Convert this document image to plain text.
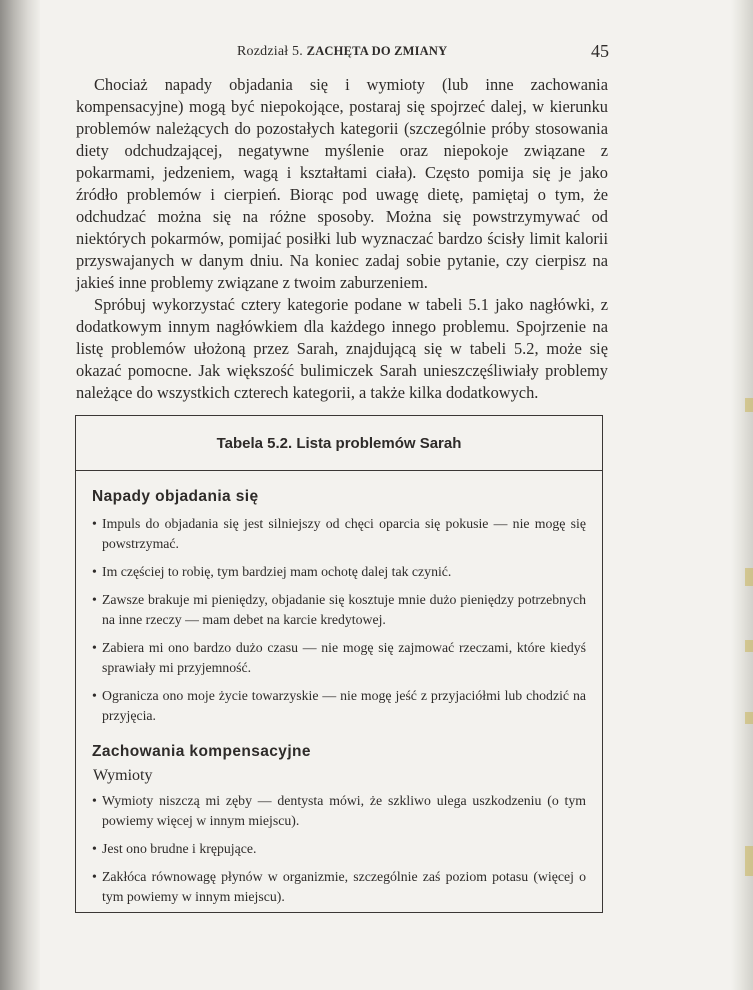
Rozdział 5. ZACHĘTA DO ZMIANY	45

Chociaż napady objadania się i wymioty (lub inne zachowania kompensacyjne) mogą być niepokojące, postaraj się spojrzeć dalej, w kierunku problemów należących do pozostałych kategorii (szczególnie próby stosowania diety odchudzającej, negatywne myślenie oraz niepokoje związane z pokarmami, jedzeniem, wagą i kształtami ciała). Często pomija się je jako źródło problemów i cierpień. Biorąc pod uwagę dietę, pamiętaj o tym, że odchudzać można się na różne sposoby. Można się powstrzymywać od niektórych pokarmów, pomijać posiłki lub wyznaczać bardzo ścisły limit kalorii przyswajanych w danym dniu. Na koniec zadaj sobie pytanie, czy cierpisz na jakieś inne problemy związane z twoim zaburzeniem.

Spróbuj wykorzystać cztery kategorie podane w tabeli 5.1 jako nagłówki, z dodatkowym innym nagłówkiem dla każdego innego problemu. Spojrzenie na listę problemów ułożoną przez Sarah, znajdującą się w tabeli 5.2, może się okazać pomocne. Jak większość bulimiczek Sarah unieszczęśliwiały problemy należące do wszystkich czterech kategorii, a także kilka dodatkowych.

Tabela 5.2. Lista problemów Sarah
Napady objadania się
• Impuls do objadania się jest silniejszy od chęci oparcia się pokusie — nie mogę się powstrzymać.
• Im częściej to robię, tym bardziej mam ochotę dalej tak czynić.
• Zawsze brakuje mi pieniędzy, objadanie się kosztuje mnie dużo pieniędzy potrzebnych na inne rzeczy — mam debet na karcie kredytowej.
• Zabiera mi ono bardzo dużo czasu — nie mogę się zajmować rzeczami, które kiedyś sprawiały mi przyjemność.
• Ogranicza ono moje życie towarzyskie — nie mogę jeść z przyjaciółmi lub chodzić na przyjęcia.
Zachowania kompensacyjne
Wymioty
• Wymioty niszczą mi zęby — dentysta mówi, że szkliwo ulega uszkodzeniu (o tym powiemy więcej w innym miejscu).
• Jest ono brudne i krępujące.
• Zakłóca równowagę płynów w organizmie, szczególnie zaś poziom potasu (więcej o tym powiemy w innym miejscu).
